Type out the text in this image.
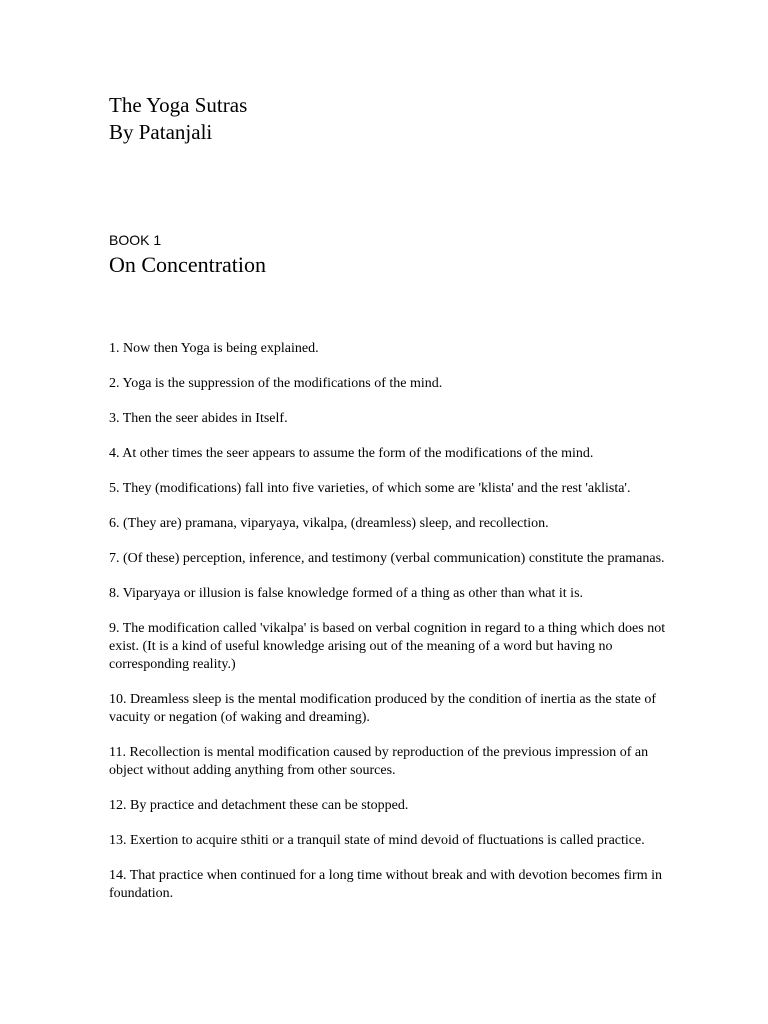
The Yoga Sutras
By Patanjali
BOOK 1
On Concentration
1. Now then Yoga is being explained.
2. Yoga is the suppression of the modifications of the mind.
3. Then the seer abides in Itself.
4. At other times the seer appears to assume the form of the modifications of the mind.
5. They (modifications) fall into five varieties, of which some are 'klista' and the rest 'aklista'.
6. (They are) pramana, viparyaya, vikalpa, (dreamless) sleep, and recollection.
7. (Of these) perception, inference, and testimony (verbal communication) constitute the pramanas.
8. Viparyaya or illusion is false knowledge formed of a thing as other than what it is.
9. The modification called 'vikalpa' is based on verbal cognition in regard to a thing which does not exist. (It is a kind of useful knowledge arising out of the meaning of a word but having no corresponding reality.)
10. Dreamless sleep is the mental modification produced by the condition of inertia as the state of vacuity or negation (of waking and dreaming).
11. Recollection is mental modification caused by reproduction of the previous impression of an object without adding anything from other sources.
12. By practice and detachment these can be stopped.
13. Exertion to acquire sthiti or a tranquil state of mind devoid of fluctuations is called practice.
14. That practice when continued for a long time without break and with devotion becomes firm in foundation.
